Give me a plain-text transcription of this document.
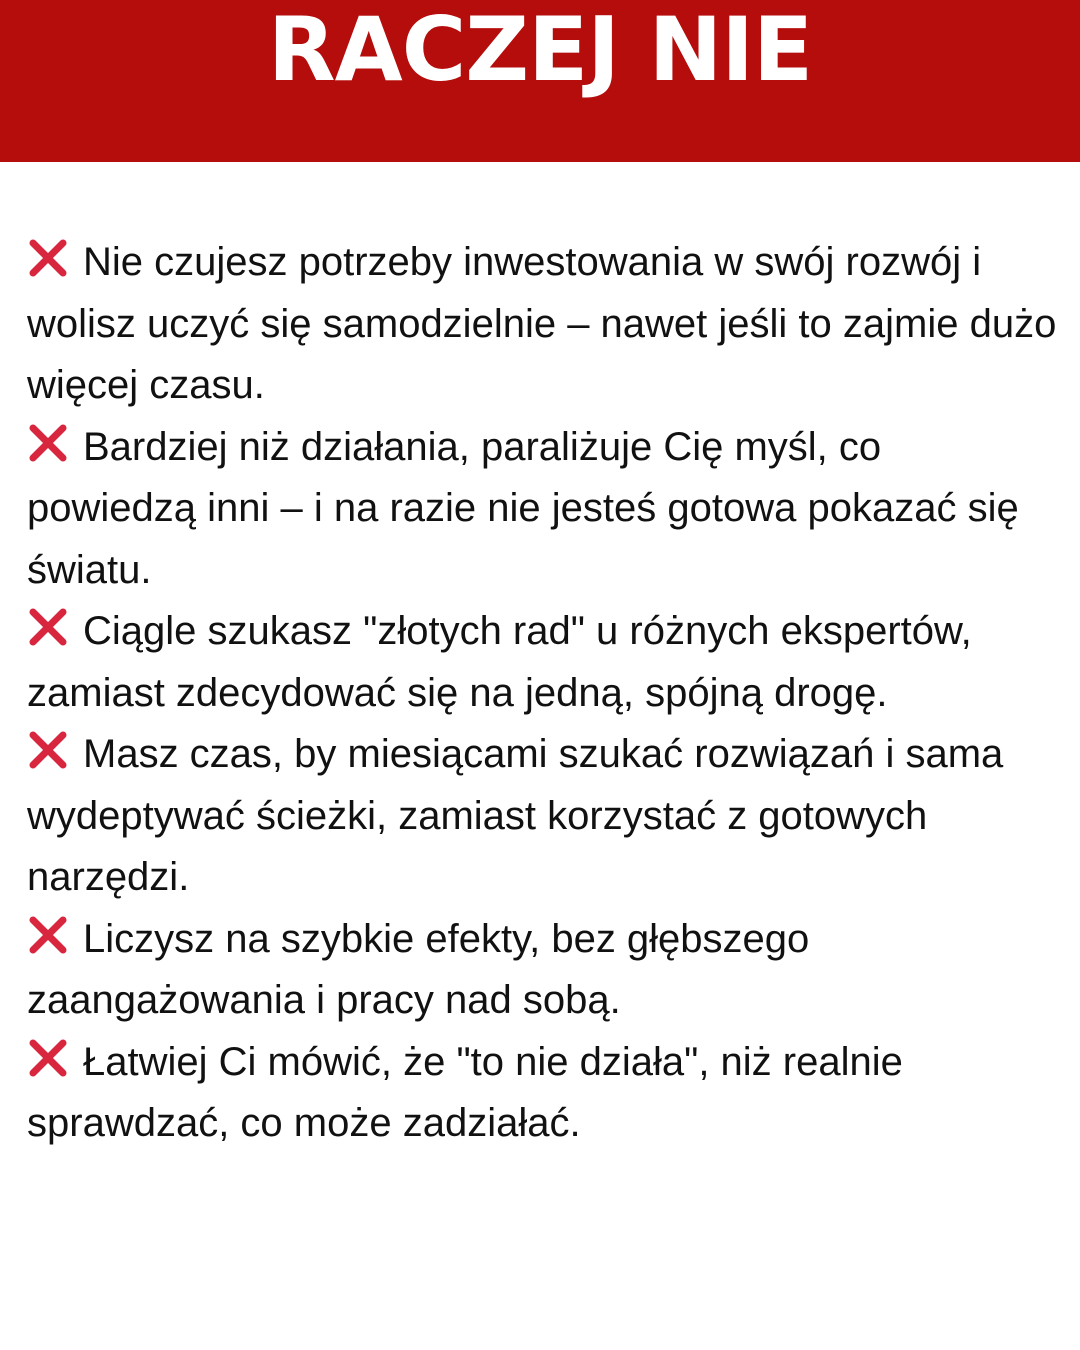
RACZEJ NIE
Nie czujesz potrzeby inwestowania w swój rozwój i wolisz uczyć się samodzielnie – nawet jeśli to zajmie dużo więcej czasu.
Bardziej niż działania, paraliżuje Cię myśl, co powiedzą inni – i na razie nie jesteś gotowa pokazać się światu.
Ciągle szukasz "złotych rad" u różnych ekspertów, zamiast zdecydować się na jedną, spójną drogę.
Masz czas, by miesiącami szukać rozwiązań i sama wydeptywać ścieżki, zamiast korzystać z gotowych narzędzi.
Liczysz na szybkie efekty, bez głębszego zaangażowania i pracy nad sobą.
Łatwiej Ci mówić, że "to nie działa", niż realnie sprawdzać, co może zadziałać.
